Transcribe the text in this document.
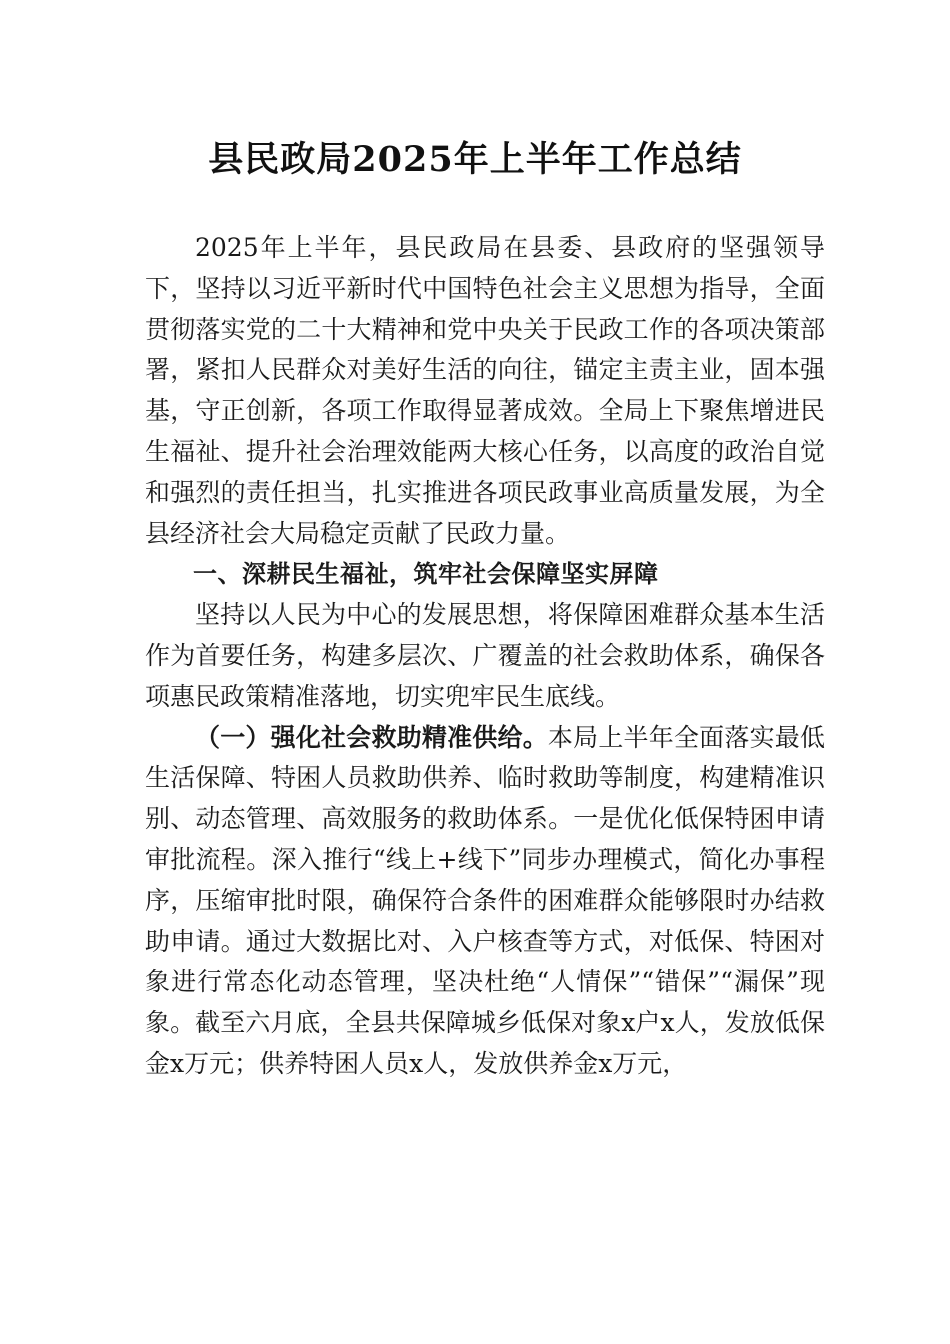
县民政局2025年上半年工作总结

2025年上半年，县民政局在县委、县政府的坚强领导下，坚持以习近平新时代中国特色社会主义思想为指导，全面贯彻落实党的二十大精神和党中央关于民政工作的各项决策部署，紧扣人民群众对美好生活的向往，锚定主责主业，固本强基，守正创新，各项工作取得显著成效。全局上下聚焦增进民生福祉、提升社会治理效能两大核心任务，以高度的政治自觉和强烈的责任担当，扎实推进各项民政事业高质量发展，为全县经济社会大局稳定贡献了民政力量。

一、深耕民生福祉，筑牢社会保障坚实屏障

坚持以人民为中心的发展思想，将保障困难群众基本生活作为首要任务，构建多层次、广覆盖的社会救助体系，确保各项惠民政策精准落地，切实兜牢民生底线。

（一）强化社会救助精准供给。本局上半年全面落实最低生活保障、特困人员救助供养、临时救助等制度，构建精准识别、动态管理、高效服务的救助体系。一是优化低保特困申请审批流程。深入推行“线上+线下”同步办理模式，简化办事程序，压缩审批时限，确保符合条件的困难群众能够限时办结救助申请。通过大数据比对、入户核查等方式，对低保、特困对象进行常态化动态管理，坚决杜绝“人情保”“错保”“漏保”现象。截至六月底，全县共保障城乡低保对象x户x人，发放低保金x万元；供养特困人员x人，发放供养金x万元，
